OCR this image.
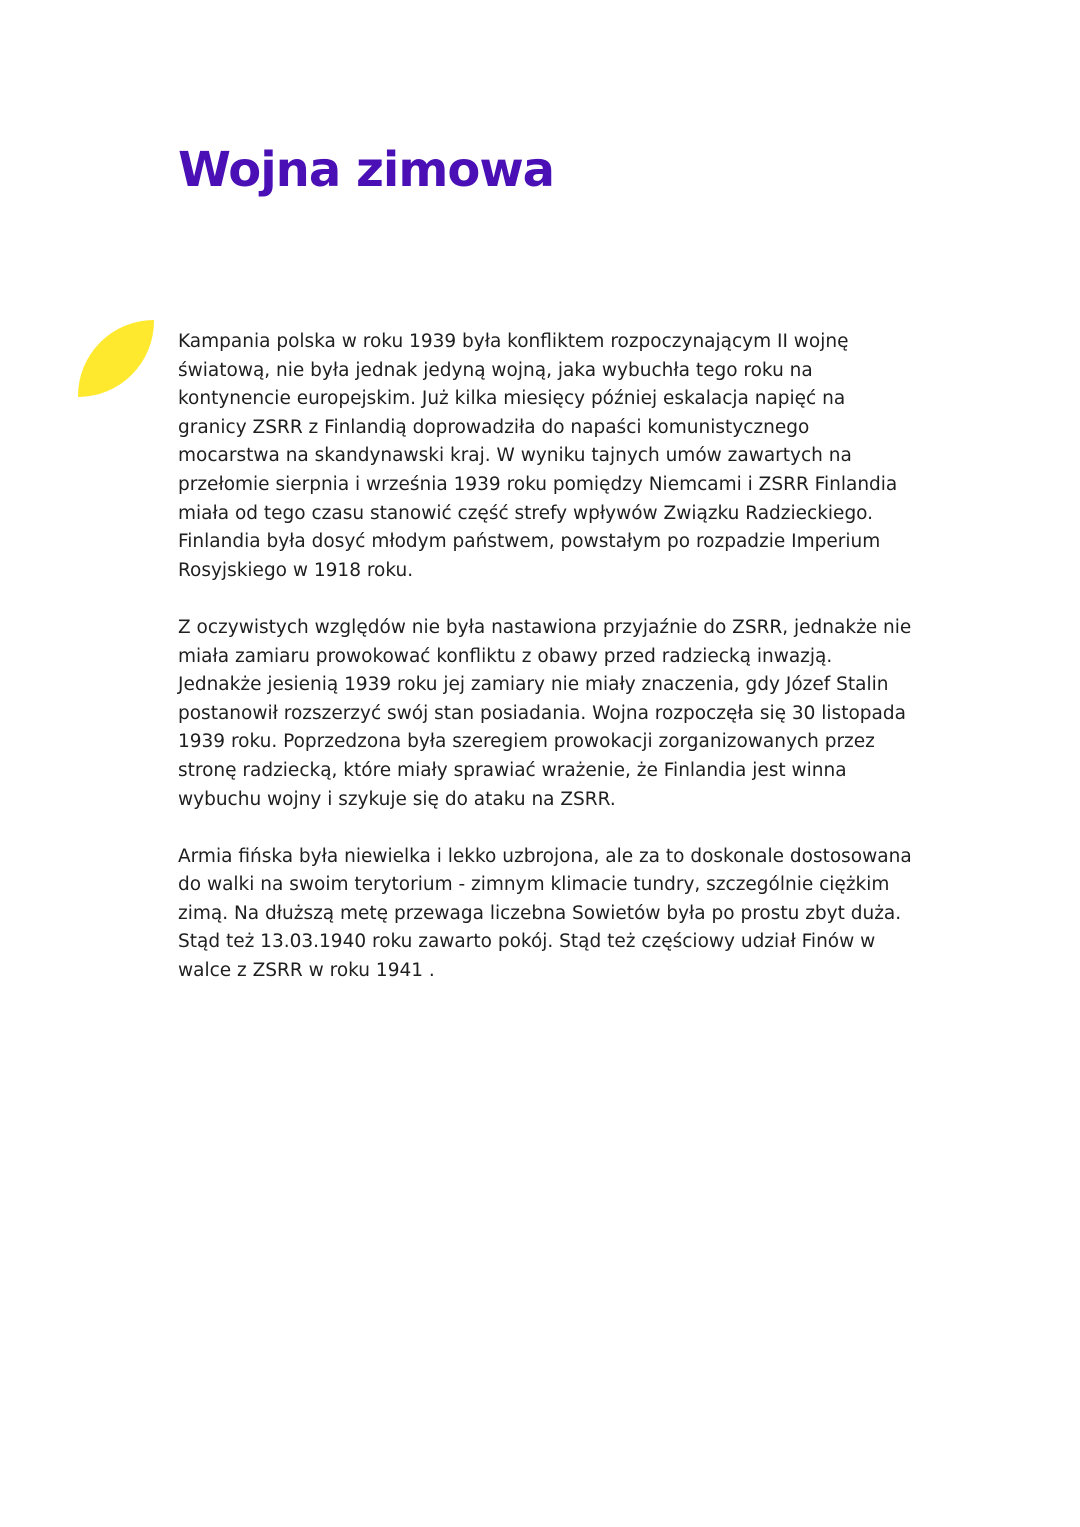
Wojna zimowa

Kampania polska w roku 1939 była konfliktem rozpoczynającym II wojnę
światową, nie była jednak jedyną wojną, jaka wybuchła tego roku na
kontynencie europejskim. Już kilka miesięcy później eskalacja napięć na
granicy ZSRR z Finlandią doprowadziła do napaści komunistycznego
mocarstwa na skandynawski kraj. W wyniku tajnych umów zawartych na
przełomie sierpnia i września 1939 roku pomiędzy Niemcami i ZSRR Finlandia
miała od tego czasu stanowić część strefy wpływów Związku Radzieckiego.
Finlandia była dosyć młodym państwem, powstałym po rozpadzie Imperium
Rosyjskiego w 1918 roku.

Z oczywistych względów nie była nastawiona przyjaźnie do ZSRR, jednakże nie
miała zamiaru prowokować konfliktu z obawy przed radziecką inwazją.
Jednakże jesienią 1939 roku jej zamiary nie miały znaczenia, gdy Józef Stalin
postanowił rozszerzyć swój stan posiadania. Wojna rozpoczęła się 30 listopada
1939 roku. Poprzedzona była szeregiem prowokacji zorganizowanych przez
stronę radziecką, które miały sprawiać wrażenie, że Finlandia jest winna
wybuchu wojny i szykuje się do ataku na ZSRR.

Armia fińska była niewielka i lekko uzbrojona, ale za to doskonale dostosowana
do walki na swoim terytorium - zimnym klimacie tundry, szczególnie ciężkim
zimą. Na dłuższą metę przewaga liczebna Sowietów była po prostu zbyt duża.
Stąd też 13.03.1940 roku zawarto pokój. Stąd też częściowy udział Finów w
walce z ZSRR w roku 1941 .
